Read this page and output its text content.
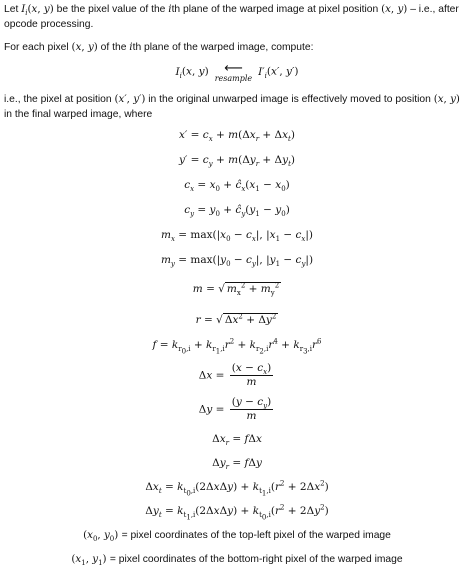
Let $I_i(x$, y) be the pixel value of the ith plane of the warped image at pixel position (x, y) – i.e., after opcode processing.
For each pixel (x, y) of the ith plane of the warped image, compute:
$I_i(x$, y)	⟵
resample
$I'_i(x'$, y′)
i.e., the pixel at position (x′, y′) in the original unwarped image is effectively moved to position (x, y) in the final warped image, where
$x' = c_x + m(\Delta x_r + \Delta x_t)$
$y' = c_y + m(\Delta y_r + \Delta y_t)$
$c_x = x_0$ + $ĉ_x(x_1 - x_0)$
$c_y = y_0$ + $ĉ_y(y_1 - y_0)$
$m_x = \max(|x_0 - c_x|$, $|x_1 - c_x|$)
$m_y = \max(|y_0 - c_y|$, $|y_1 - c_y|$)
m = √ $m_x^2 + m_y^2$
r = √ $\Delta x^2 + \Delta y^2$
$f = k_{r_0,i} + k_{r_1,i}r^2 + k_{r_2,i}r^4 + k_{r_3,i}r^6$
$\Delta x = \frac{(x - c_x)}{m}$
$\Delta y = \frac{(y - c_y)}{m}$
$\Delta x_r = f\Delta x$
$\Delta y_r = f\Delta y$
$\Delta x_t = k_{t_0,i}(2\Delta x\Delta y) + k_{t_1,i}(r^2 + 2\Delta x^2)$
$\Delta y_t = k_{t_1,i}(2\Delta x\Delta y) + k_{t_0,i}(r^2 + 2\Delta y^2)$
($x_0$, $y_0$) = pixel coordinates of the top-left pixel of the warped image
($x_1$, $y_1$) = pixel coordinates of the bottom-right pixel of the warped image
